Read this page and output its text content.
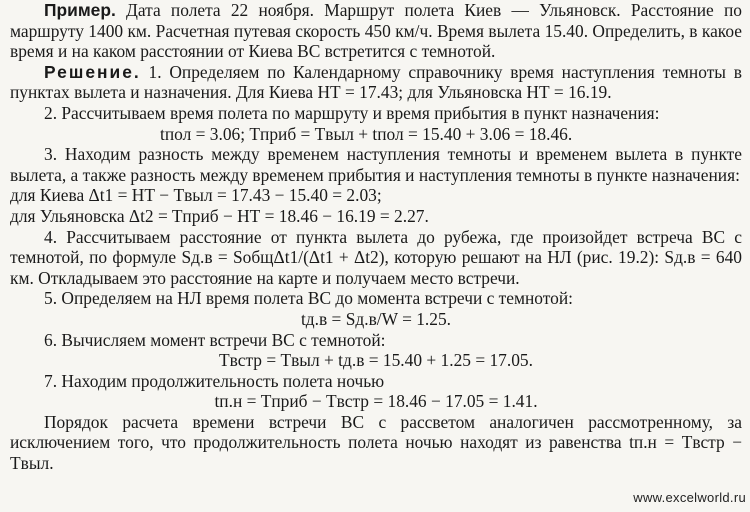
Пример. Дата полета 22 ноября. Маршрут полета Киев — Ульяновск. Расстояние по маршруту 1400 км. Расчетная путевая скорость 450 км/ч. Время вылета 15.40. Определить, в какое время и на каком расстоянии от Киева ВС встретится с темнотой.

Решение. 1. Определяем по Календарному справочнику время наступления темноты в пунктах вылета и назначения. Для Киева НТ = 17.43; для Ульяновска НТ = 16.19.

2. Рассчитываем время полета по маршруту и время прибытия в пункт назначения:

tпол = 3.06; Tприб = Tвыл + tпол = 15.40 + 3.06 = 18.46.

3. Находим разность между временем наступления темноты и временем вылета в пункте вылета, а также разность между временем прибытия и наступления темноты в пункте назначения:

для Киева Δt1 = НТ − Tвыл = 17.43 − 15.40 = 2.03;

для Ульяновска Δt2 = Tприб − НТ = 18.46 − 16.19 = 2.27.

4. Рассчитываем расстояние от пункта вылета до рубежа, где произойдет встреча ВС с темнотой, по формуле Sд.в = SобщΔt1/(Δt1 + Δt2), которую решают на НЛ (рис. 19.2): Sд.в = 640 км. Откладываем это расстояние на карте и получаем место встречи.

5. Определяем на НЛ время полета ВС до момента встречи с темнотой:

tд.в = Sд.в/W = 1.25.

6. Вычисляем момент встречи ВС с темнотой:

Tвстр = Tвыл + tд.в = 15.40 + 1.25 = 17.05.

7. Находим продолжительность полета ночью

tп.н = Tприб − Tвстр = 18.46 − 17.05 = 1.41.

Порядок расчета времени встречи ВС с рассветом аналогичен рассмотренному, за исключением того, что продолжительность полета ночью находят из равенства tп.н = Tвстр − Tвыл.

www.excelworld.ru
